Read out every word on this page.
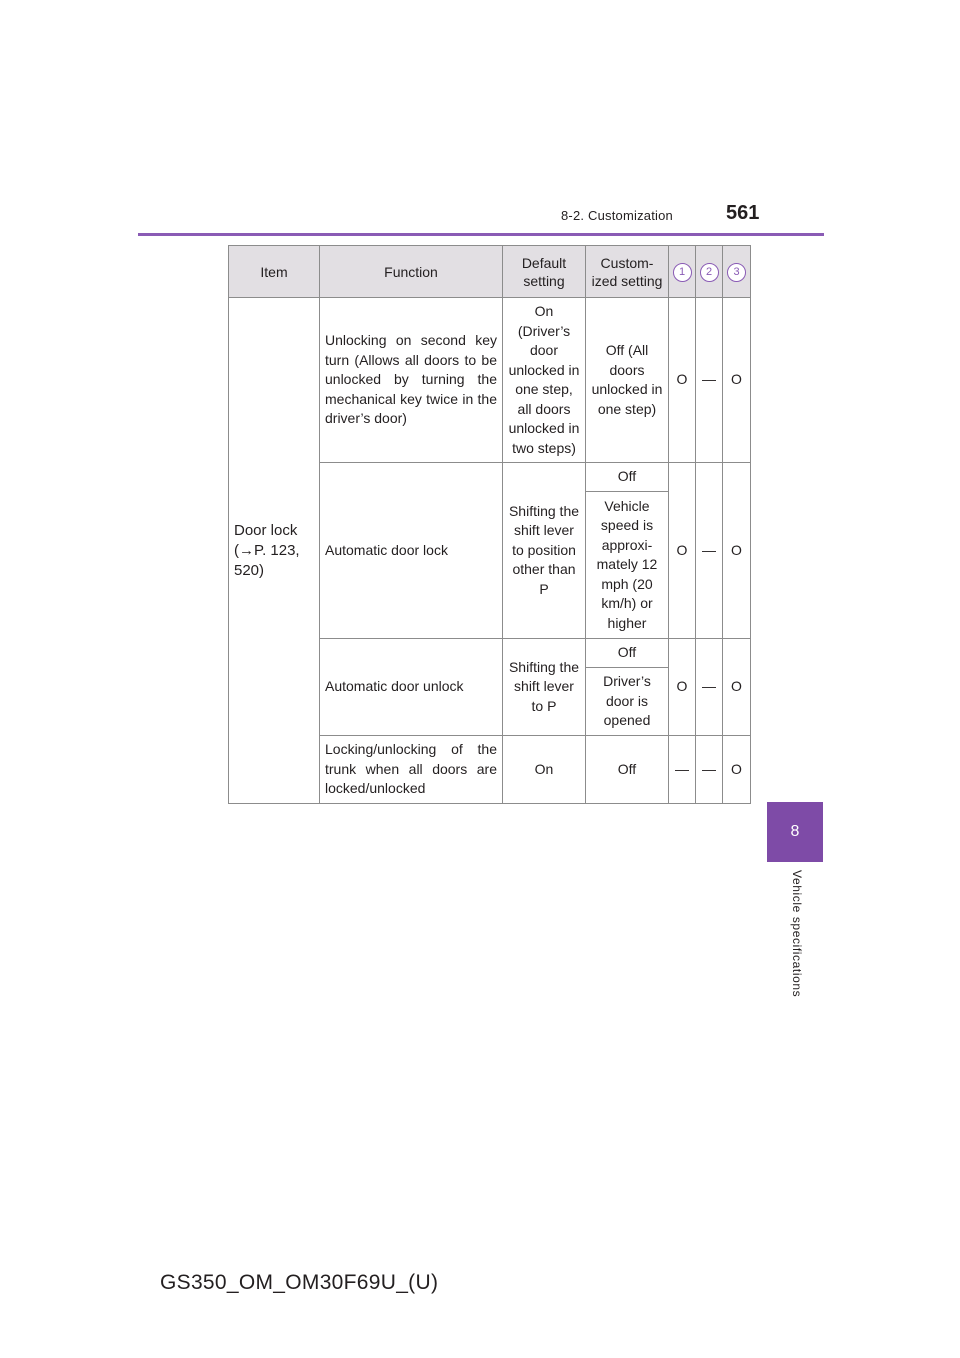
8-2. Customization	561
8
Vehicle specifications
Item	Function	Default setting	Custom-ized setting	1	2	3
Door lock (→P. 123, 520)	Unlocking on second key turn (Allows all doors to be unlocked by turning the mechanical key twice in the driver’s door)	On (Driver’s door unlocked in one step, all doors unlocked in two steps)	Off (All doors unlocked in one step)	O	—	O
	Automatic door lock	Shifting the shift lever to position other than P	Off	O	—	O
			Vehicle speed is approxi-mately 12 mph (20 km/h) or higher			
	Automatic door unlock	Shifting the shift lever to P	Off	O	—	O
			Driver’s door is opened			
	Locking/unlocking of the trunk when all doors are locked/unlocked	On	Off	—	—	O
GS350_OM_OM30F69U_(U)
